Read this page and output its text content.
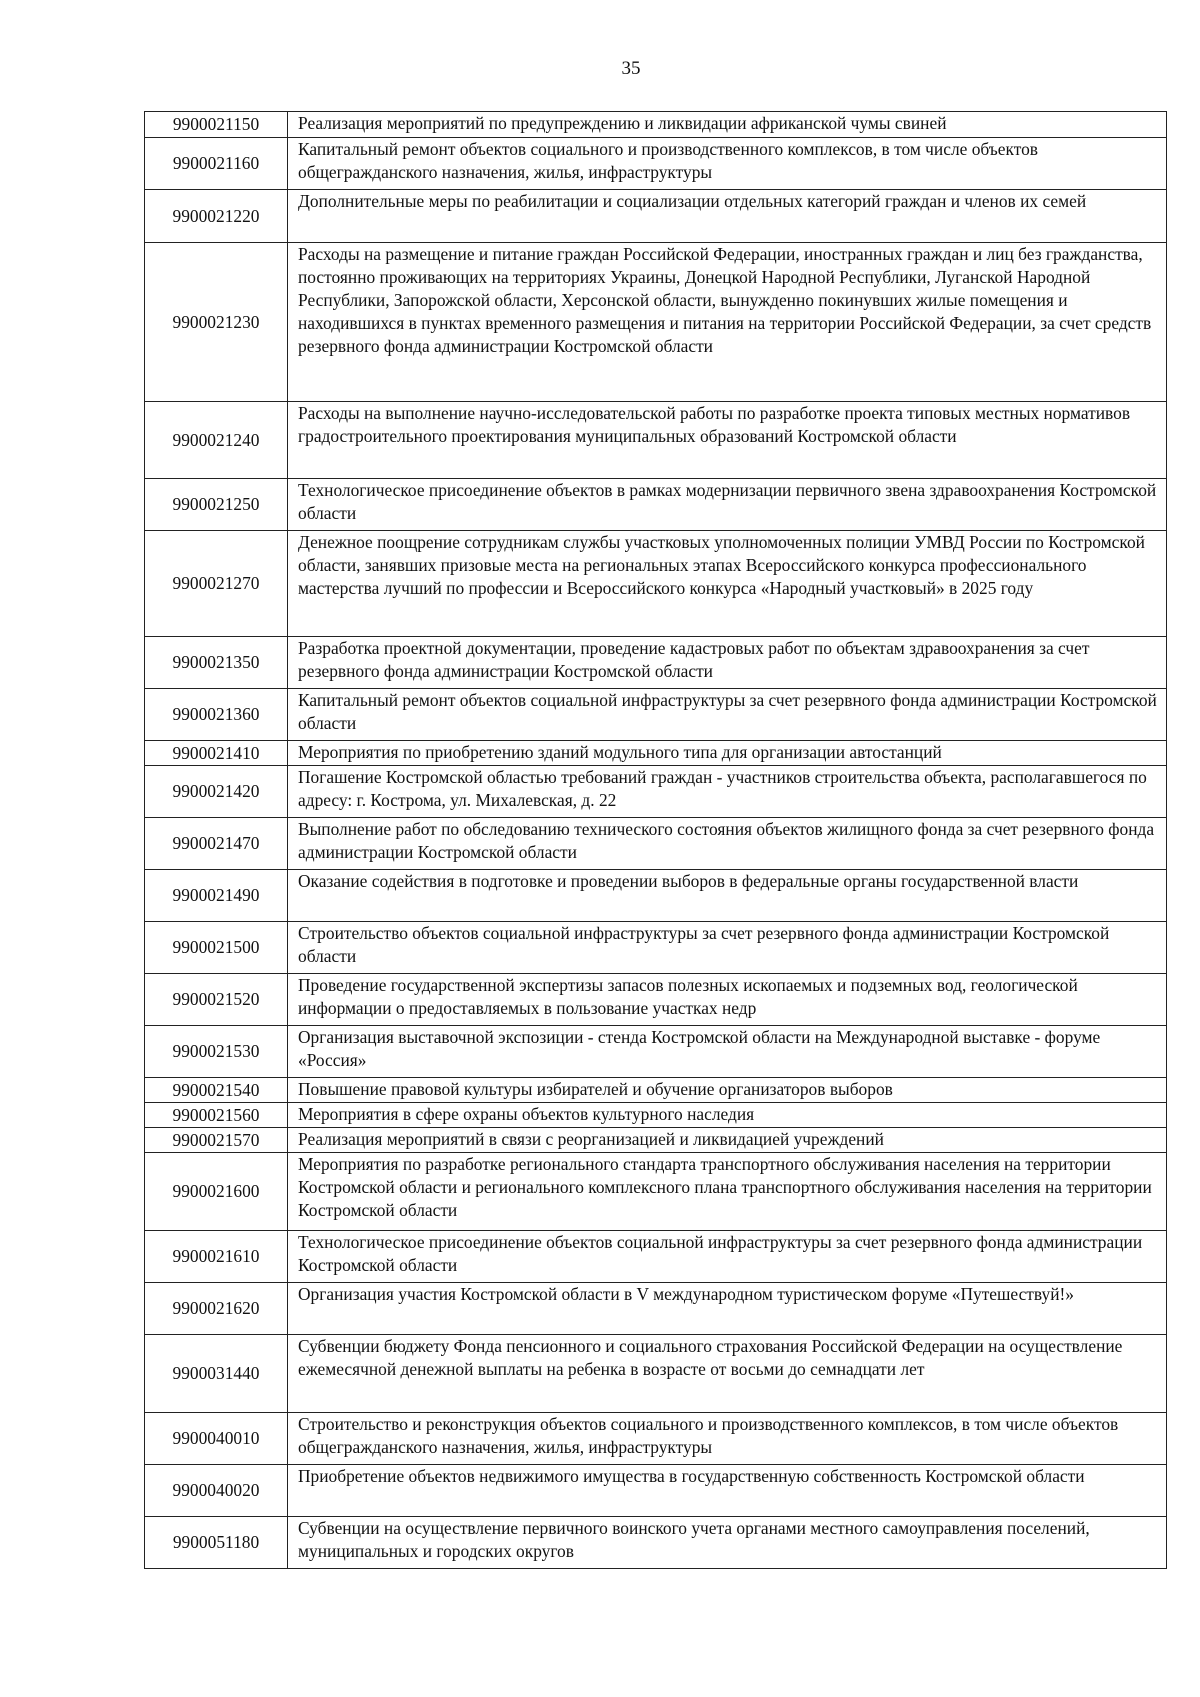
35
9900021150	Реализация мероприятий по предупреждению и ликвидации африканской чумы свиней
9900021160	Капитальный ремонт объектов социального и производственного комплексов, в том числе объектов общегражданского назначения, жилья, инфраструктуры
9900021220	Дополнительные меры по реабилитации и социализации отдельных категорий граждан и членов их семей
9900021230	Расходы на размещение и питание граждан Российской Федерации, иностранных граждан и лиц без гражданства, постоянно проживающих на территориях Украины, Донецкой Народной Республики, Луганской Народной Республики, Запорожской области, Херсонской области, вынужденно покинувших жилые помещения и находившихся в пунктах временного размещения и питания на территории Российской Федерации, за счет средств резервного фонда администрации Костромской области
9900021240	Расходы на выполнение научно-исследовательской работы по разработке проекта типовых местных нормативов градостроительного проектирования муниципальных образований Костромской области
9900021250	Технологическое присоединение объектов в рамках модернизации первичного звена здравоохранения Костромской области
9900021270	Денежное поощрение сотрудникам службы участковых уполномоченных полиции УМВД России по Костромской области, занявших призовые места на региональных этапах Всероссийского конкурса профессионального мастерства лучший по профессии и Всероссийского конкурса «Народный участковый» в 2025 году
9900021350	Разработка проектной документации, проведение кадастровых работ по объектам здравоохранения за счет резервного фонда администрации Костромской области
9900021360	Капитальный ремонт объектов социальной инфраструктуры за счет резервного фонда администрации Костромской области
9900021410	Мероприятия по приобретению зданий модульного типа для организации автостанций
9900021420	Погашение Костромской областью требований граждан - участников строительства объекта, располагавшегося по адресу: г. Кострома, ул. Михалевская, д. 22
9900021470	Выполнение работ по обследованию технического состояния объектов жилищного фонда за счет резервного фонда администрации Костромской области
9900021490	Оказание содействия в подготовке и проведении выборов в федеральные органы государственной власти
9900021500	Строительство объектов социальной инфраструктуры за счет резервного фонда администрации Костромской области
9900021520	Проведение государственной экспертизы запасов полезных ископаемых и подземных вод, геологической информации о предоставляемых в пользование участках недр
9900021530	Организация выставочной экспозиции - стенда Костромской области на Международной выставке - форуме «Россия»
9900021540	Повышение правовой культуры избирателей и обучение организаторов выборов
9900021560	Мероприятия в сфере охраны объектов культурного наследия
9900021570	Реализация мероприятий в связи с реорганизацией и ликвидацией учреждений
9900021600	Мероприятия по разработке регионального стандарта транспортного обслуживания населения на территории Костромской области и регионального комплексного плана транспортного обслуживания населения на территории Костромской области
9900021610	Технологическое присоединение объектов социальной инфраструктуры за счет резервного фонда администрации Костромской области
9900021620	Организация участия Костромской области в V международном туристическом форуме «Путешествуй!»
9900031440	Субвенции бюджету Фонда пенсионного и социального страхования Российской Федерации на осуществление ежемесячной денежной выплаты на ребенка в возрасте от восьми до семнадцати лет
9900040010	Строительство и реконструкция объектов социального и производственного комплексов, в том числе объектов общегражданского назначения, жилья, инфраструктуры
9900040020	Приобретение объектов недвижимого имущества в государственную собственность Костромской области
9900051180	Субвенции на осуществление первичного воинского учета органами местного самоуправления поселений, муниципальных и городских округов
